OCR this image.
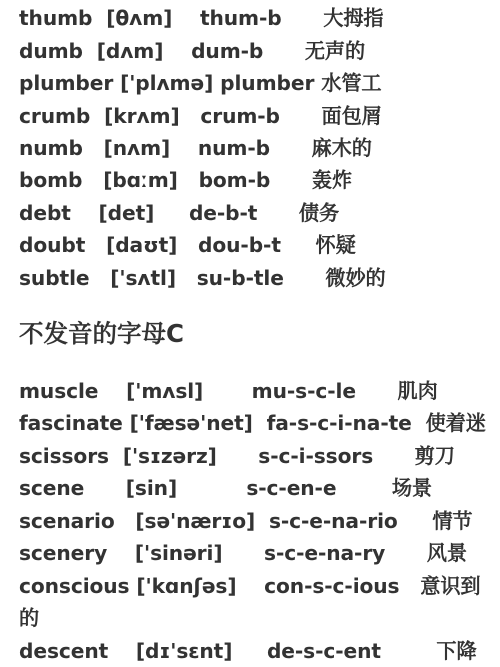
thumb  [θʌm]    thum-b      大拇指
dumb  [dʌm]    dum-b      无声的
plumber ['plʌmə] plumber 水管工
crumb  [krʌm]   crum-b      面包屑
numb   [nʌm]    num-b      麻木的
bomb   [bɑːm]   bom-b      轰炸
debt    [det]     de-b-t      债务
doubt   [daʊt]   dou-b-t     怀疑
subtle   ['sʌtl]   su-b-tle      微妙的
不发音的字母C
muscle    ['mʌsl]       mu-s-c-le      肌肉
fascinate ['fæsə'net]  fa-s-c-i-na-te  使着迷
scissors  ['sɪzərz]      s-c-i-ssors      剪刀
scene      [sin]          s-c-en-e        场景
scenario   [sə'nærɪo]  s-c-e-na-rio     情节
scenery    ['sinəri]      s-c-e-na-ry      风景
conscious ['kɑnʃəs]    con-s-c-ious   意识到
的
descent    [dɪ'sɛnt]     de-s-c-ent        下降
